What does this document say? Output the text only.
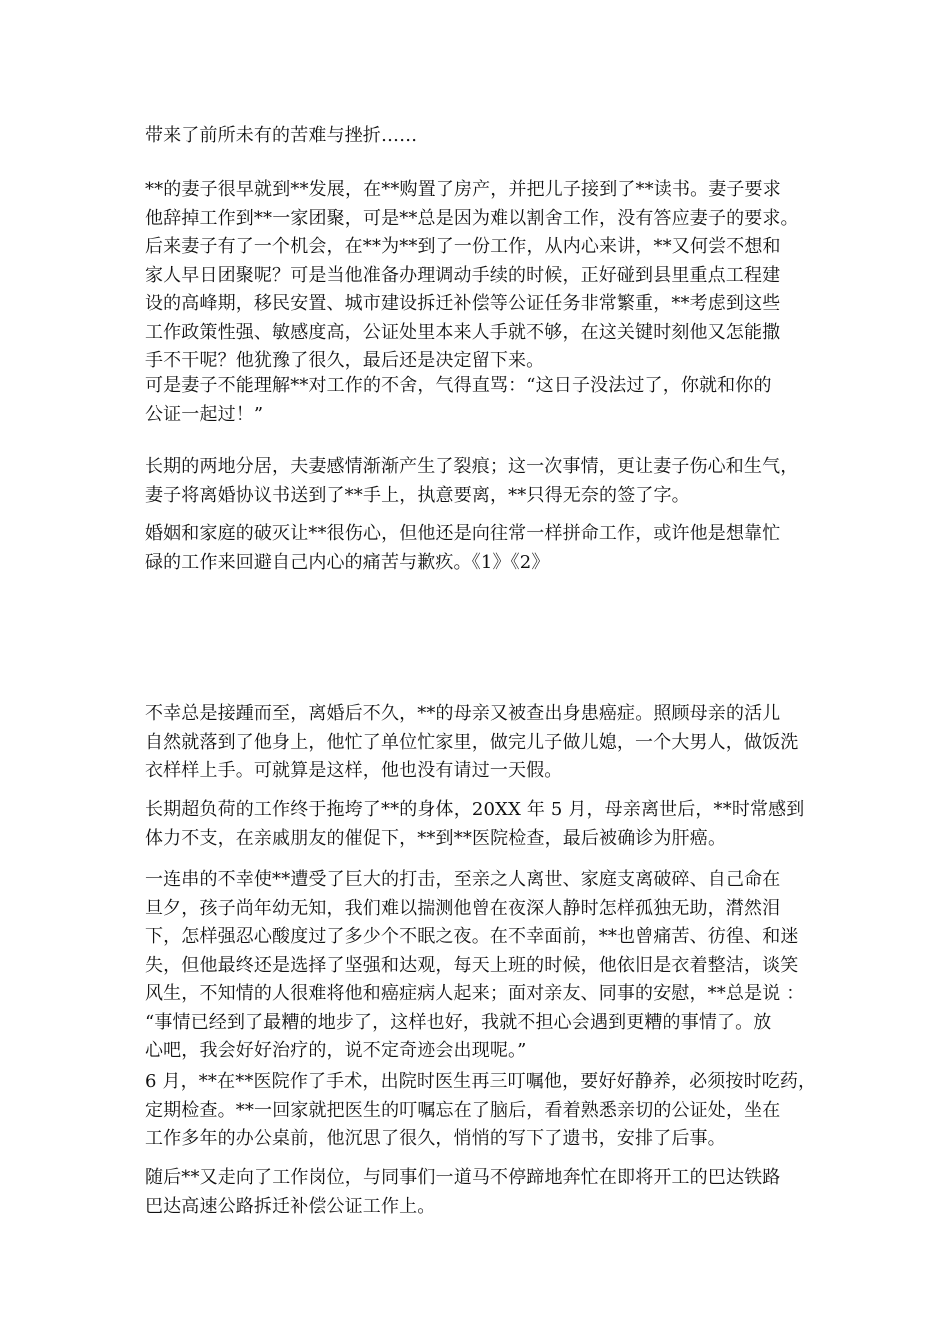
带来了前所未有的苦难与挫折……

**的妻子很早就到**发展，在**购置了房产，并把儿子接到了**读书。妻子要求
他辞掉工作到**一家团聚，可是**总是因为难以割舍工作，没有答应妻子的要求。
后来妻子有了一个机会，在**为**到了一份工作，从内心来讲，**又何尝不想和
家人早日团聚呢？可是当他准备办理调动手续的时候，正好碰到县里重点工程建
设的高峰期，移民安置、城市建设拆迁补偿等公证任务非常繁重，**考虑到这些
工作政策性强、敏感度高，公证处里本来人手就不够，在这关键时刻他又怎能撒
手不干呢？他犹豫了很久，最后还是决定留下来。

可是妻子不能理解**对工作的不舍，气得直骂：“这日子没法过了，你就和你的
公证一起过！”

长期的两地分居，夫妻感情渐渐产生了裂痕；这一次事情，更让妻子伤心和生气，
妻子将离婚协议书送到了**手上，执意要离，**只得无奈的签了字。

婚姻和家庭的破灭让**很伤心，但他还是向往常一样拼命工作，或许他是想靠忙
碌的工作来回避自己内心的痛苦与歉疚。《1》《2》

不幸总是接踵而至，离婚后不久，**的母亲又被查出身患癌症。照顾母亲的活儿
自然就落到了他身上，他忙了单位忙家里，做完儿子做儿媳，一个大男人，做饭洗
衣样样上手。可就算是这样，他也没有请过一天假。

长期超负荷的工作终于拖垮了**的身体，20XX 年 5 月，母亲离世后，**时常感到
体力不支，在亲戚朋友的催促下，**到**医院检查，最后被确诊为肝癌。

一连串的不幸使**遭受了巨大的打击，至亲之人离世、家庭支离破碎、自己命在
旦夕，孩子尚年幼无知，我们难以揣测他曾在夜深人静时怎样孤独无助，潸然泪
下，怎样强忍心酸度过了多少个不眠之夜。在不幸面前，**也曾痛苦、彷徨、和迷
失，但他最终还是选择了坚强和达观，每天上班的时候，他依旧是衣着整洁，谈笑
风生，不知情的人很难将他和癌症病人起来；面对亲友、同事的安慰，**总是说 ：
“事情已经到了最糟的地步了，这样也好，我就不担心会遇到更糟的事情了。放
心吧，我会好好治疗的，说不定奇迹会出现呢。”

6 月，**在**医院作了手术，出院时医生再三叮嘱他，要好好静养，必须按时吃药，
定期检查。**一回家就把医生的叮嘱忘在了脑后，看着熟悉亲切的公证处，坐在
工作多年的办公桌前，他沉思了很久，悄悄的写下了遗书，安排了后事。

随后**又走向了工作岗位，与同事们一道马不停蹄地奔忙在即将开工的巴达铁路
巴达高速公路拆迁补偿公证工作上。
